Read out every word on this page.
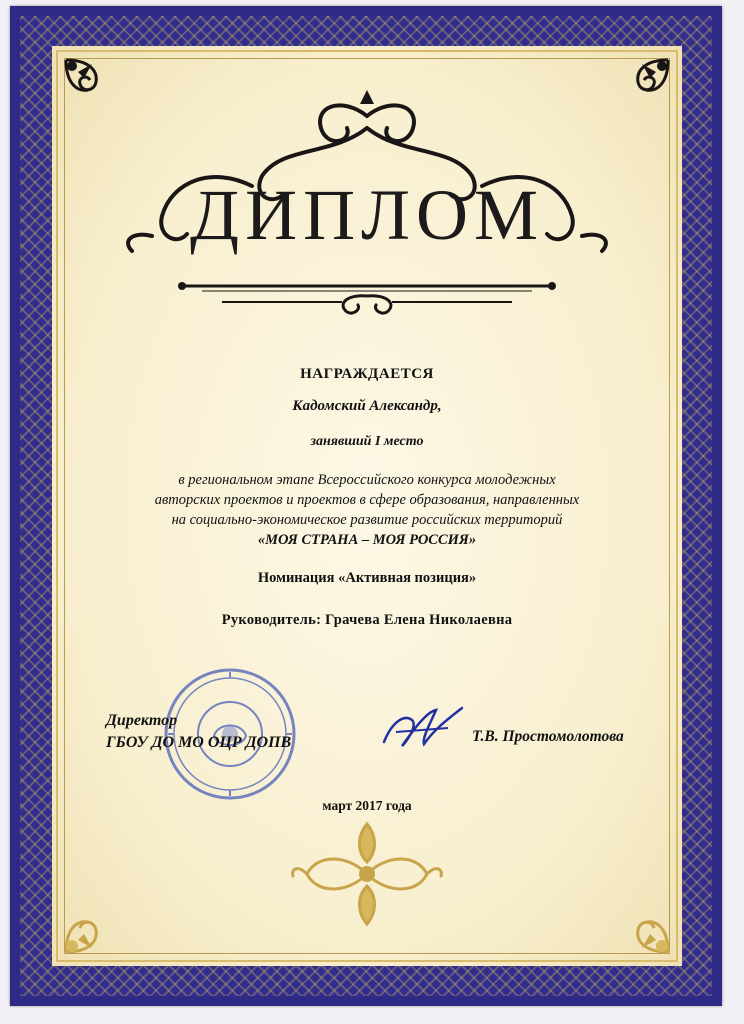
ДИПЛОМ
НАГРАЖДАЕТСЯ
Кадомский Александр,
занявший I место
в региональном этапе Всероссийского конкурса молодежных
авторских проектов и проектов в сфере образования, направленных
на социально-экономическое развитие российских территорий
«МОЯ СТРАНА – МОЯ РОССИЯ»
Номинация «Активная позиция»
Руководитель: Грачева Елена Николаевна
Директор
ГБОУ ДО МО ОЦР ДОПВ	Т.В. Простомолотова
март 2017 года
